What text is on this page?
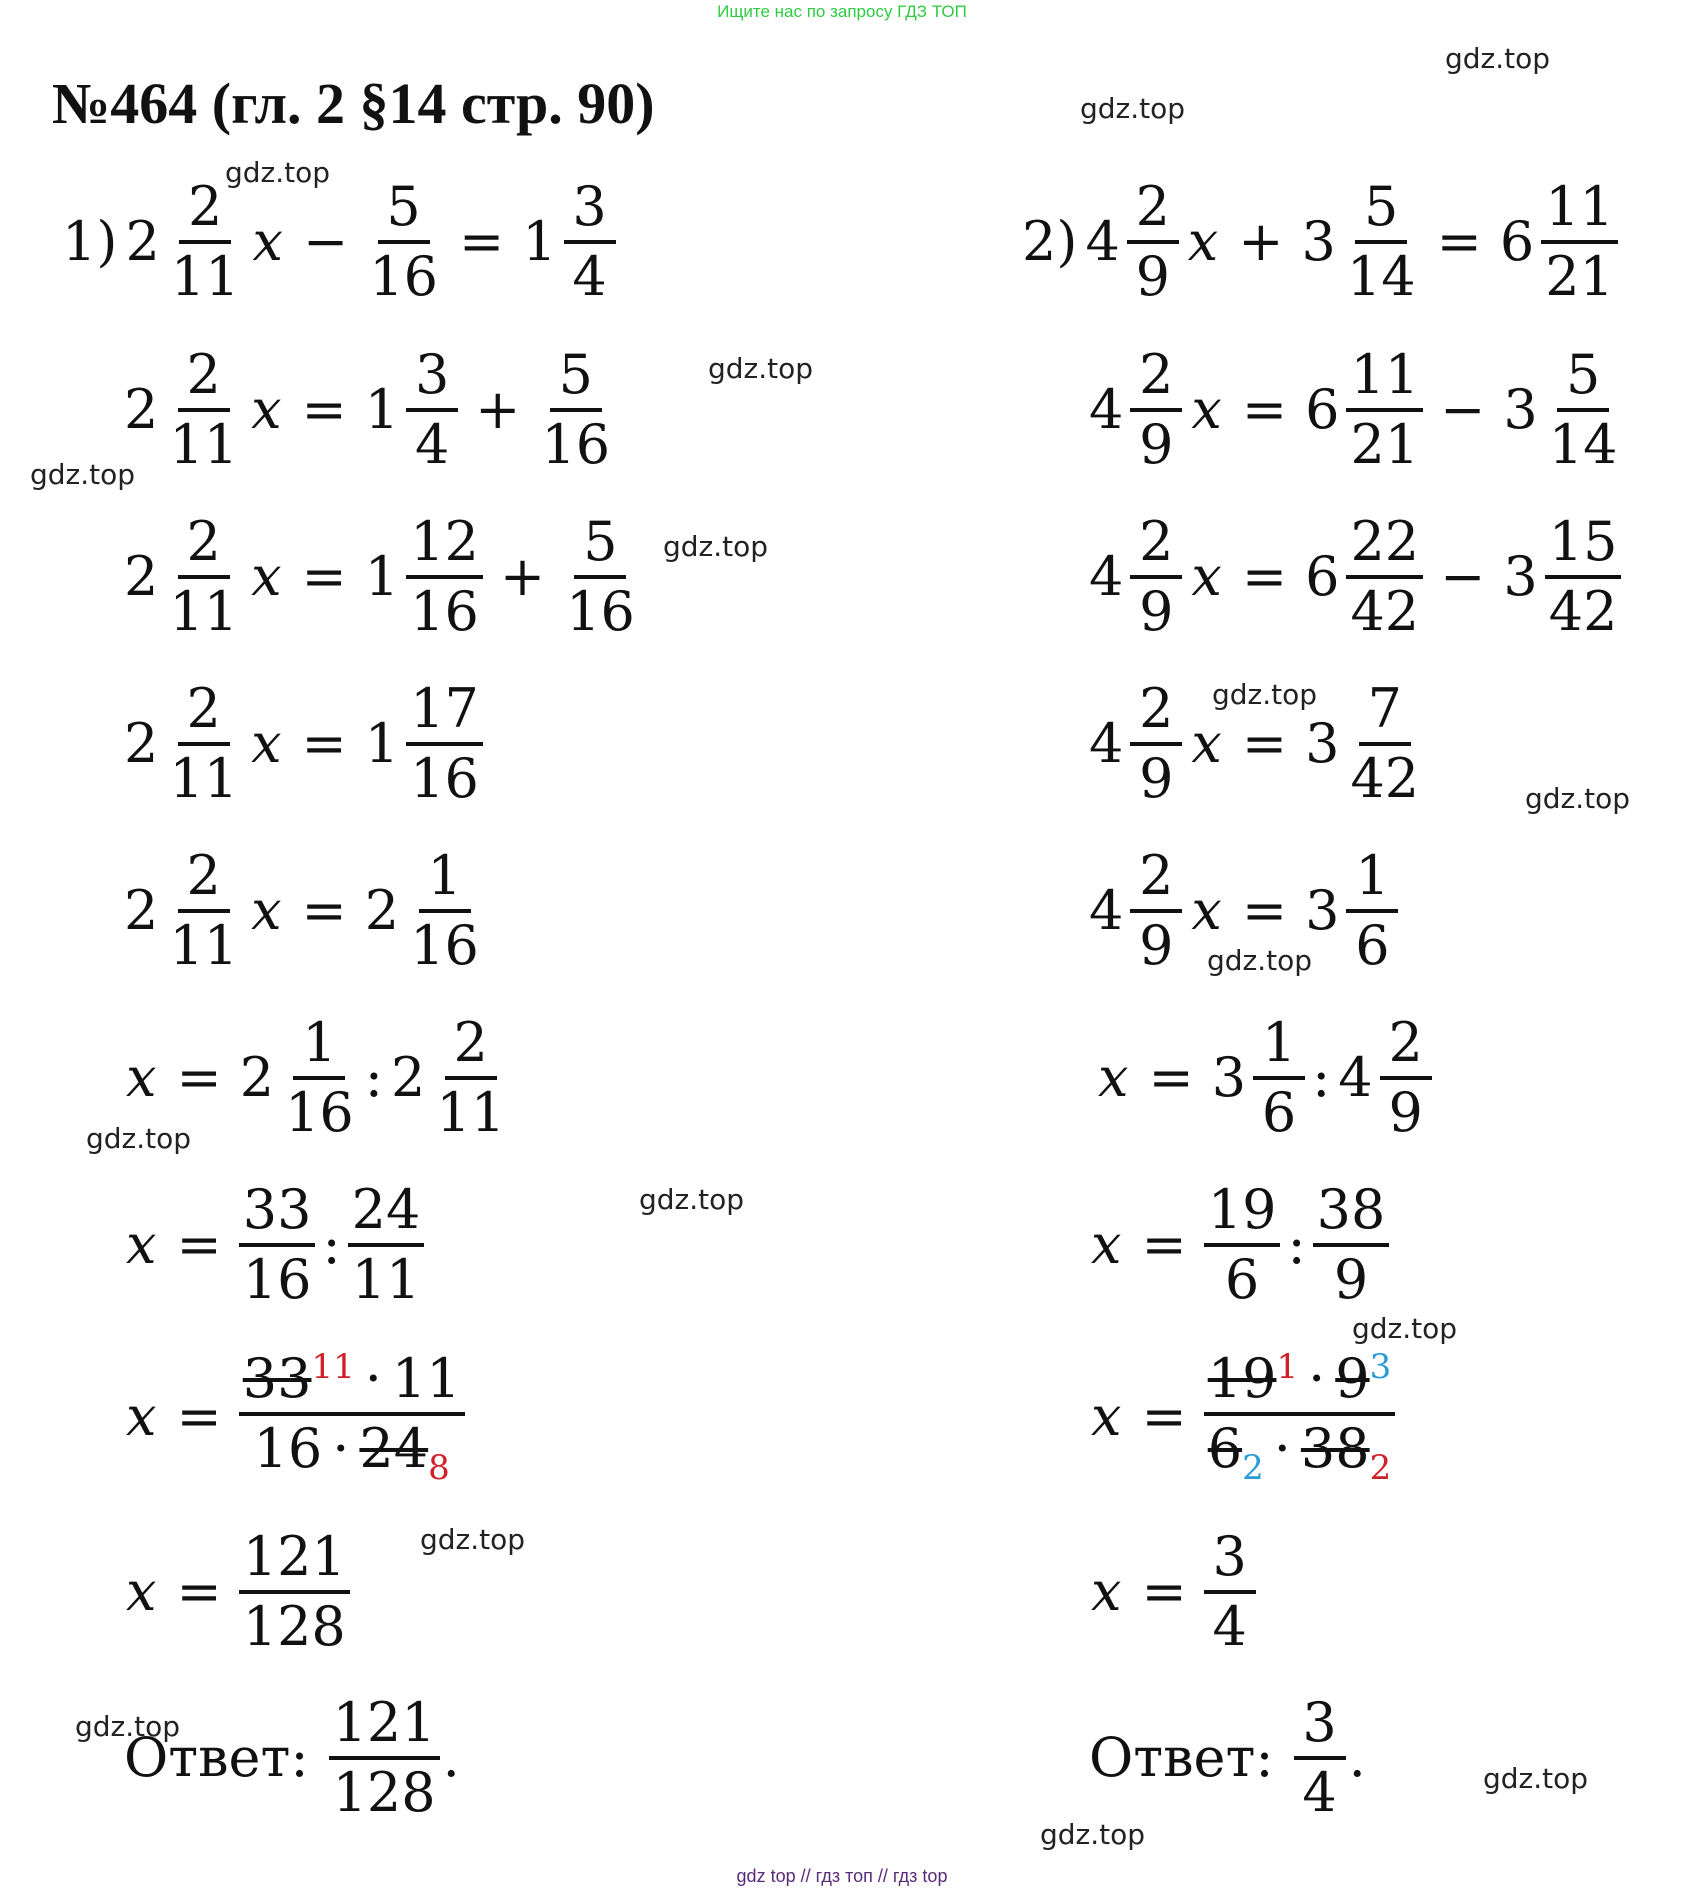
Ищите нас по запросу ГДЗ ТОП
№464 (гл. 2 §14 стр. 90)
gdz.top
gdz.top
gdz.top
gdz.top
gdz.top
gdz.top
gdz.top
gdz.top
gdz.top
gdz.top
gdz.top
gdz.top
gdz.top
gdz.top
gdz.top
gdz.top
1) $2 \frac{2}{11}$ $x - \frac{5}{16} = 1 \frac{3}{4}$
$2 \frac{2}{11}$ $x = 1 \frac{3}{4} + \frac{5}{16}$
$2 \frac{2}{11}$ $x = 1 \frac{12}{16} + \frac{5}{16}$
$2 \frac{2}{11}$ $x = 1 \frac{17}{16}$
$2 \frac{2}{11}$ $x = 2 \frac{1}{16}$
$x = 2 \frac{1}{16}$ : $2 \frac{2}{11}$
$x = \frac{33}{16}$ : $\frac{24}{11}$
$x = \frac{33^{11} \cdot 11}{16 \cdot 24_8}$
$x = \frac{121}{128}$
Ответ: $\frac{121}{128}$ .
2) $4 \frac{2}{9}$ $x + 3 \frac{5}{14} = 6 \frac{11}{21}$
$4 \frac{2}{9}$ $x = 6 \frac{11}{21} - 3 \frac{5}{14}$
$4 \frac{2}{9}$ $x = 6 \frac{22}{42} - 3 \frac{15}{42}$
$4 \frac{2}{9}$ $x = 3 \frac{7}{42}$
$4 \frac{2}{9}$ $x = 3 \frac{1}{6}$
$x = 3 \frac{1}{6}$ : $4 \frac{2}{9}$
$x = \frac{19}{6}$ : $\frac{38}{9}$
$x = \frac{19^1 \cdot 9^3}{6_2 \cdot 38_2}$
$x = \frac{3}{4}$
Ответ: $\frac{3}{4}$ .
gdz top // гдз топ // гдз top
